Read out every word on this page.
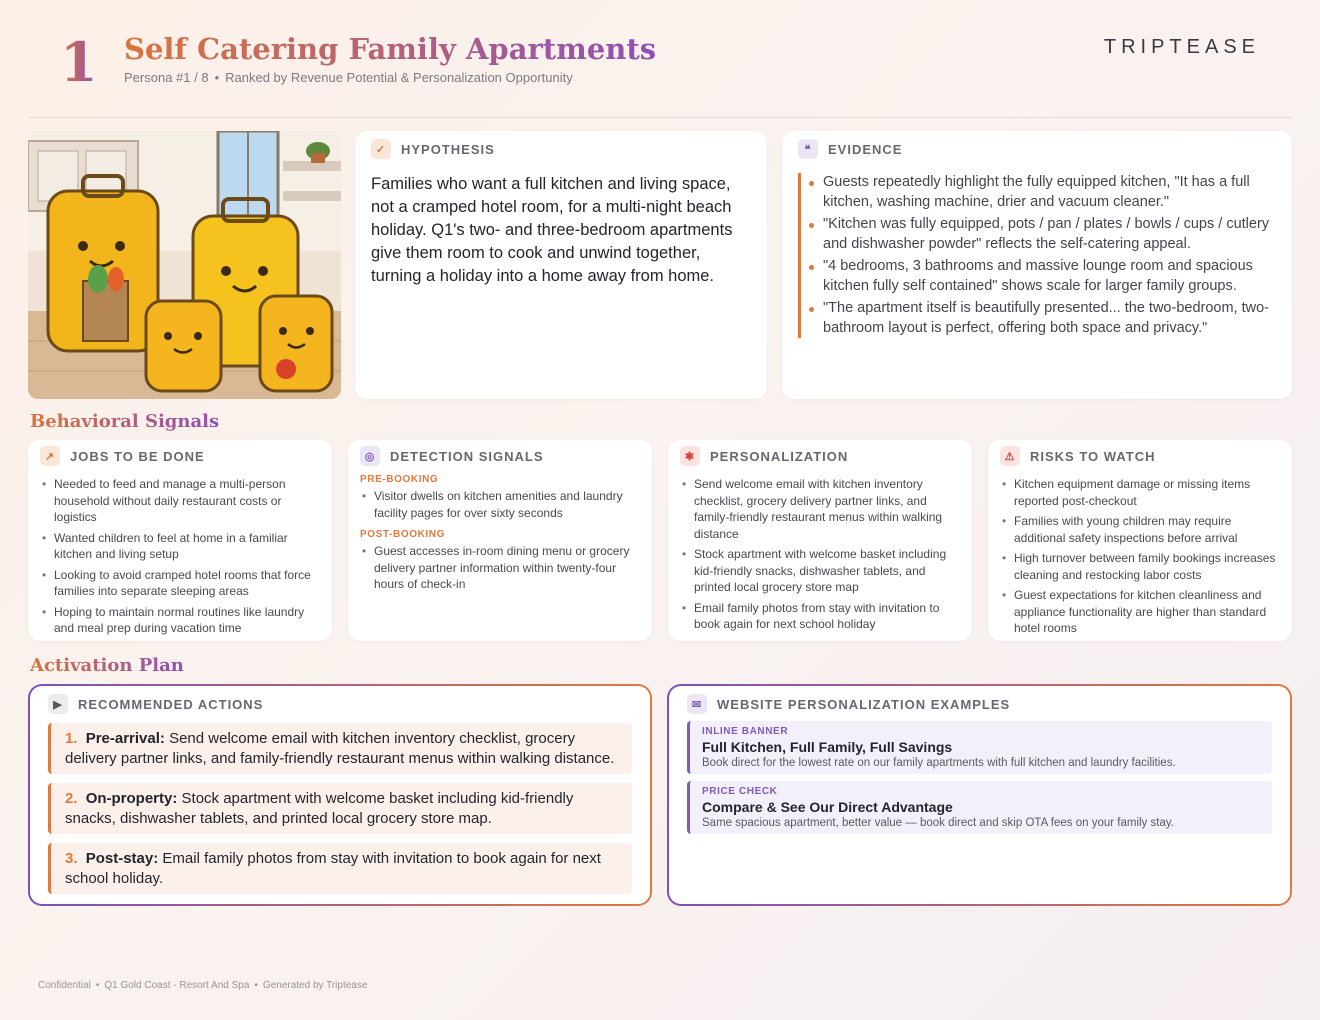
1 Self Catering Family Apartments
Persona #1 / 8 • Ranked by Revenue Potential & Personalization Opportunity
TRIPTEASE
✓	HYPOTHESIS
Families who want a full kitchen and living space, not a cramped hotel room, for a multi-night beach holiday. Q1's two- and three-bedroom apartments give them room to cook and unwind together, turning a holiday into a home away from home.
❝	EVIDENCE
Guests repeatedly highlight the fully equipped kitchen, "It has a full kitchen, washing machine, drier and vacuum cleaner."
"Kitchen was fully equipped, pots / pan / plates / bowls / cups / cutlery and dishwasher powder" reflects the self-catering appeal.
"4 bedrooms, 3 bathrooms and massive lounge room and spacious kitchen fully self contained" shows scale for larger family groups.
"The apartment itself is beautifully presented... the two-bedroom, two-bathroom layout is perfect, offering both space and privacy."
Behavioral Signals
↗	JOBS TO BE DONE
• Needed to feed and manage a multi-person household without daily restaurant costs or logistics
• Wanted children to feel at home in a familiar kitchen and living setup
• Looking to avoid cramped hotel rooms that force families into separate sleeping areas
• Hoping to maintain normal routines like laundry and meal prep during vacation time
◎	DETECTION SIGNALS
PRE-BOOKING
• Visitor dwells on kitchen amenities and laundry facility pages for over sixty seconds
POST-BOOKING
• Guest accesses in-room dining menu or grocery delivery partner information within twenty-four hours of check-in
✱	PERSONALIZATION
• Send welcome email with kitchen inventory checklist, grocery delivery partner links, and family-friendly restaurant menus within walking distance
• Stock apartment with welcome basket including kid-friendly snacks, dishwasher tablets, and printed local grocery store map
• Email family photos from stay with invitation to book again for next school holiday
⚠	RISKS TO WATCH
• Kitchen equipment damage or missing items reported post-checkout
• Families with young children may require additional safety inspections before arrival
• High turnover between family bookings increases cleaning and restocking labor costs
• Guest expectations for kitchen cleanliness and appliance functionality are higher than standard hotel rooms
Activation Plan
▶	RECOMMENDED ACTIONS
1. Pre-arrival: Send welcome email with kitchen inventory checklist, grocery delivery partner links, and family-friendly restaurant menus within walking distance.
2. On-property: Stock apartment with welcome basket including kid-friendly snacks, dishwasher tablets, and printed local grocery store map.
3. Post-stay: Email family photos from stay with invitation to book again for next school holiday.
✉	WEBSITE PERSONALIZATION EXAMPLES
INLINE BANNER
Full Kitchen, Full Family, Full Savings
Book direct for the lowest rate on our family apartments with full kitchen and laundry facilities.
PRICE CHECK
Compare & See Our Direct Advantage
Same spacious apartment, better value — book direct and skip OTA fees on your family stay.
Confidential • Q1 Gold Coast - Resort And Spa • Generated by Triptease
